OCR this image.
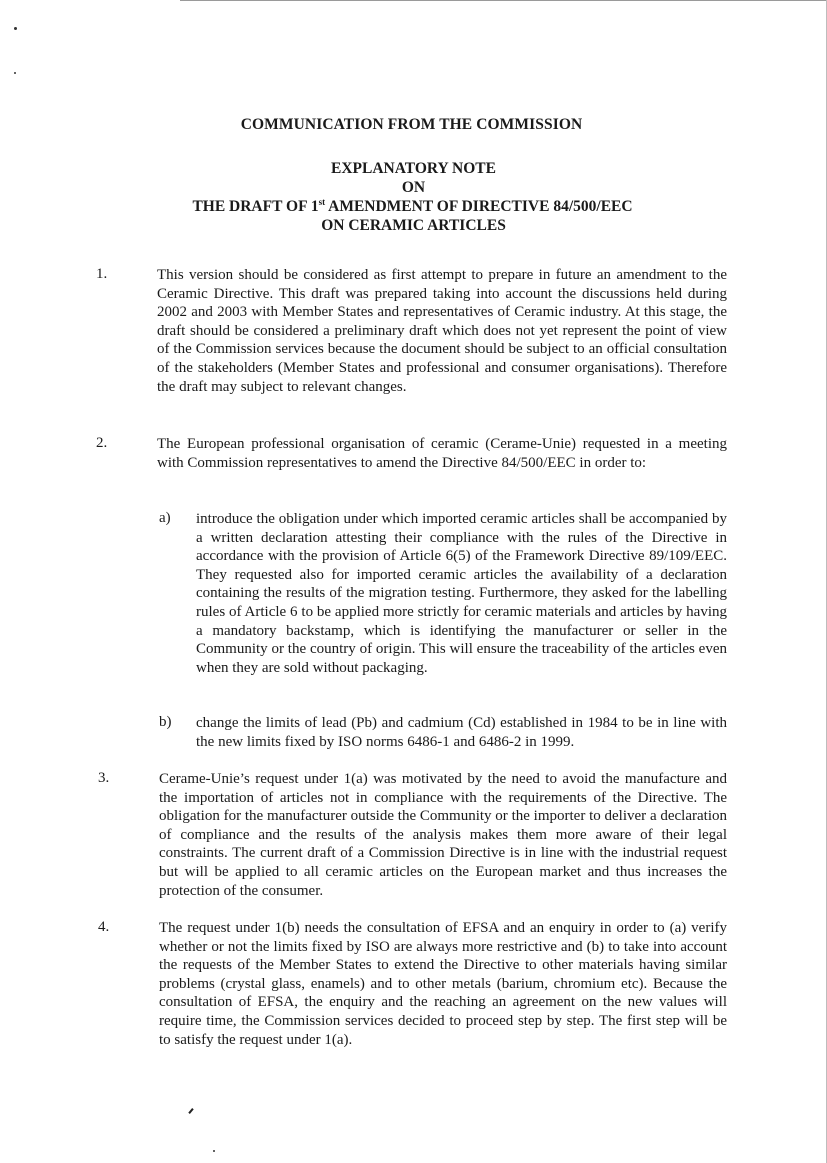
COMMUNICATION FROM THE COMMISSION
EXPLANATORY NOTE
ON
THE DRAFT OF 1st AMENDMENT OF DIRECTIVE 84/500/EEC
ON CERAMIC ARTICLES
1.	This version should be considered as first attempt to prepare in future an amendment to the Ceramic Directive. This draft was prepared taking into account the discussions held during 2002 and 2003 with Member States and representatives of Ceramic industry. At this stage, the draft should be considered a preliminary draft which does not yet represent the point of view of the Commission services because the document should be subject to an official consultation of the stakeholders (Member States and professional and consumer organisations). Therefore the draft may subject to relevant changes.
2.	The European professional organisation of ceramic (Cerame-Unie) requested in a meeting with Commission representatives to amend the Directive 84/500/EEC in order to:
a) introduce the obligation under which imported ceramic articles shall be accompanied by a written declaration attesting their compliance with the rules of the Directive in accordance with the provision of Article 6(5) of the Framework Directive 89/109/EEC. They requested also for imported ceramic articles the availability of a declaration containing the results of the migration testing. Furthermore, they asked for the labelling rules of Article 6 to be applied more strictly for ceramic materials and articles by having a mandatory backstamp, which is identifying the manufacturer or seller in the Community or the country of origin. This will ensure the traceability of the articles even when they are sold without packaging.
b) change the limits of lead (Pb) and cadmium (Cd) established in 1984 to be in line with the new limits fixed by ISO norms 6486-1 and 6486-2 in 1999.
3.	Cerame-Unie’s request under 1(a) was motivated by the need to avoid the manufacture and the importation of articles not in compliance with the requirements of the Directive. The obligation for the manufacturer outside the Community or the importer to deliver a declaration of compliance and the results of the analysis makes them more aware of their legal constraints. The current draft of a Commission Directive is in line with the industrial request but will be applied to all ceramic articles on the European market and thus increases the protection of the consumer.
4.	The request under 1(b) needs the consultation of EFSA and an enquiry in order to (a) verify whether or not the limits fixed by ISO are always more restrictive and (b) to take into account the requests of the Member States to extend the Directive to other materials having similar problems (crystal glass, enamels) and to other metals (barium, chromium etc). Because the consultation of EFSA, the enquiry and the reaching an agreement on the new values will require time, the Commission services decided to proceed step by step. The first step will be to satisfy the request under 1(a).
